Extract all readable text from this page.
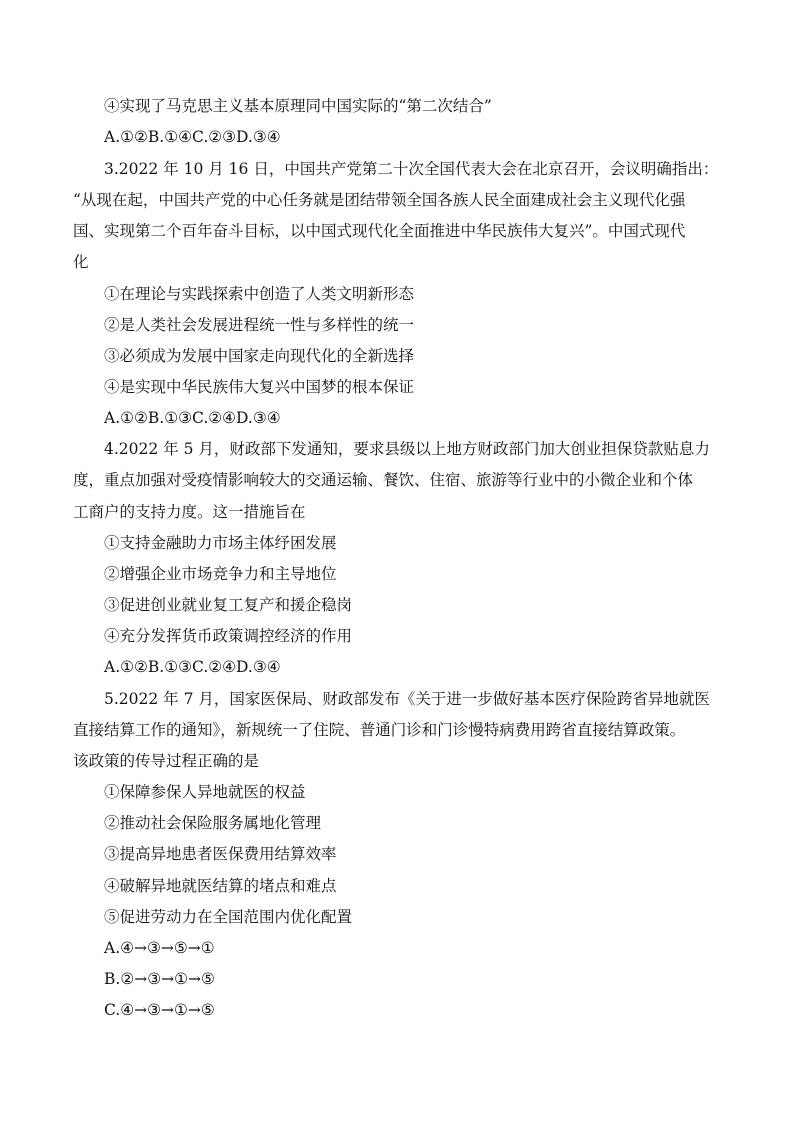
④实现了马克思主义基本原理同中国实际的“第二次结合”
A.①②B.①④C.②③D.③④
3.2022 年 10 月 16 日，中国共产党第二十次全国代表大会在北京召开，会议明确指出：
“从现在起，中国共产党的中心任务就是团结带领全国各族人民全面建成社会主义现代化强
国、实现第二个百年奋斗目标，以中国式现代化全面推进中华民族伟大复兴”。中国式现代
化
①在理论与实践探索中创造了人类文明新形态
②是人类社会发展进程统一性与多样性的统一
③必须成为发展中国家走向现代化的全新选择
④是实现中华民族伟大复兴中国梦的根本保证
A.①②B.①③C.②④D.③④
4.2022 年 5 月，财政部下发通知，要求县级以上地方财政部门加大创业担保贷款贴息力
度，重点加强对受疫情影响较大的交通运输、餐饮、住宿、旅游等行业中的小微企业和个体
工商户的支持力度。这一措施旨在
①支持金融助力市场主体纾困发展
②增强企业市场竞争力和主导地位
③促进创业就业复工复产和援企稳岗
④充分发挥货币政策调控经济的作用
A.①②B.①③C.②④D.③④
5.2022 年 7 月，国家医保局、财政部发布《关于进一步做好基本医疗保险跨省异地就医
直接结算工作的通知》，新规统一了住院、普通门诊和门诊慢特病费用跨省直接结算政策。
该政策的传导过程正确的是
①保障参保人异地就医的权益
②推动社会保险服务属地化管理
③提高异地患者医保费用结算效率
④破解异地就医结算的堵点和难点
⑤促进劳动力在全国范围内优化配置
A.④→③→⑤→①
B.②→③→①→⑤
C.④→③→①→⑤
